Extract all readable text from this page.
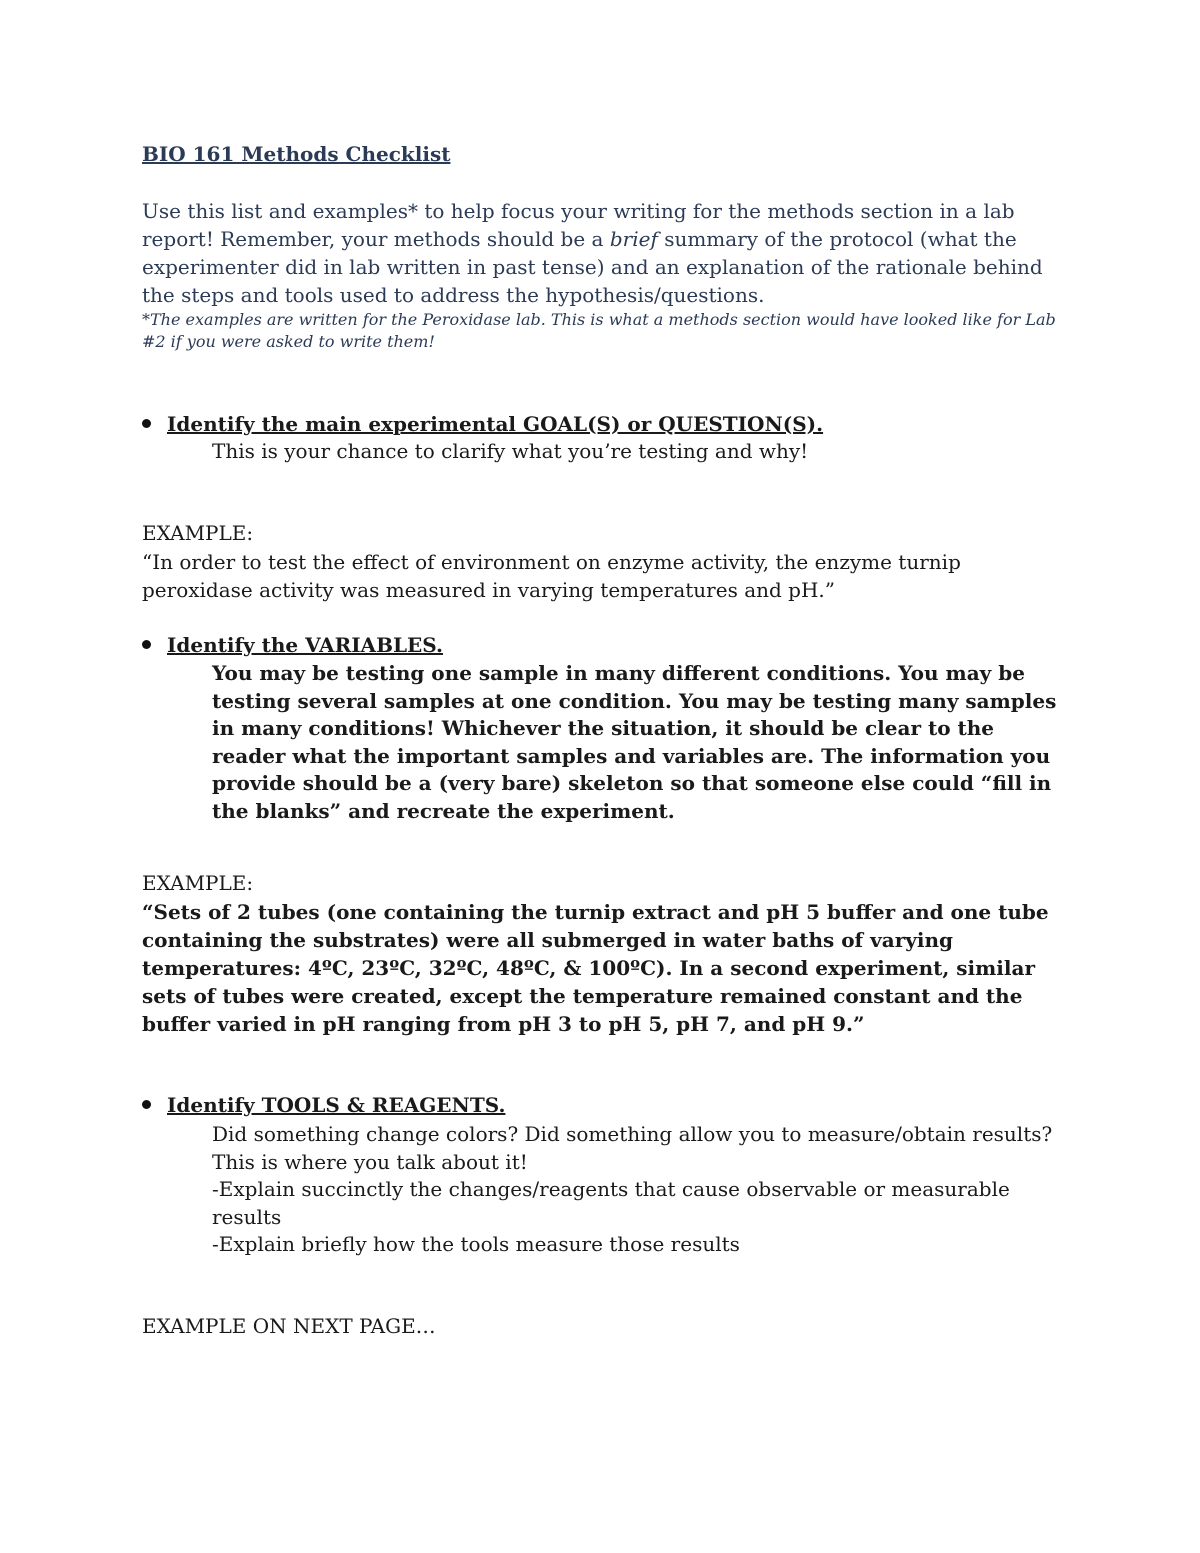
BIO 161 Methods Checklist

Use this list and examples* to help focus your writing for the methods section in a lab report! Remember, your methods should be a brief summary of the protocol (what the experimenter did in lab written in past tense) and an explanation of the rationale behind the steps and tools used to address the hypothesis/questions.

*The examples are written for the Peroxidase lab. This is what a methods section would have looked like for Lab #2 if you were asked to write them!

Identify the main experimental GOAL(S) or QUESTION(S).

This is your chance to clarify what you’re testing and why!

EXAMPLE:

“In order to test the effect of environment on enzyme activity, the enzyme turnip peroxidase activity was measured in varying temperatures and pH.”

Identify the VARIABLES.

You may be testing one sample in many different conditions. You may be testing several samples at one condition. You may be testing many samples in many conditions! Whichever the situation, it should be clear to the reader what the important samples and variables are. The information you provide should be a (very bare) skeleton so that someone else could “fill in the blanks” and recreate the experiment.

EXAMPLE:

“Sets of 2 tubes (one containing the turnip extract and pH 5 buffer and one tube containing the substrates) were all submerged in water baths of varying temperatures: 4ºC, 23ºC, 32ºC, 48ºC, & 100ºC). In a second experiment, similar sets of tubes were created, except the temperature remained constant and the buffer varied in pH ranging from pH 3 to pH 5, pH 7, and pH 9.”

Identify TOOLS & REAGENTS.

Did something change colors? Did something allow you to measure/obtain results?
This is where you talk about it!
-Explain succinctly the changes/reagents that cause observable or measurable results
-Explain briefly how the tools measure those results

EXAMPLE ON NEXT PAGE…
